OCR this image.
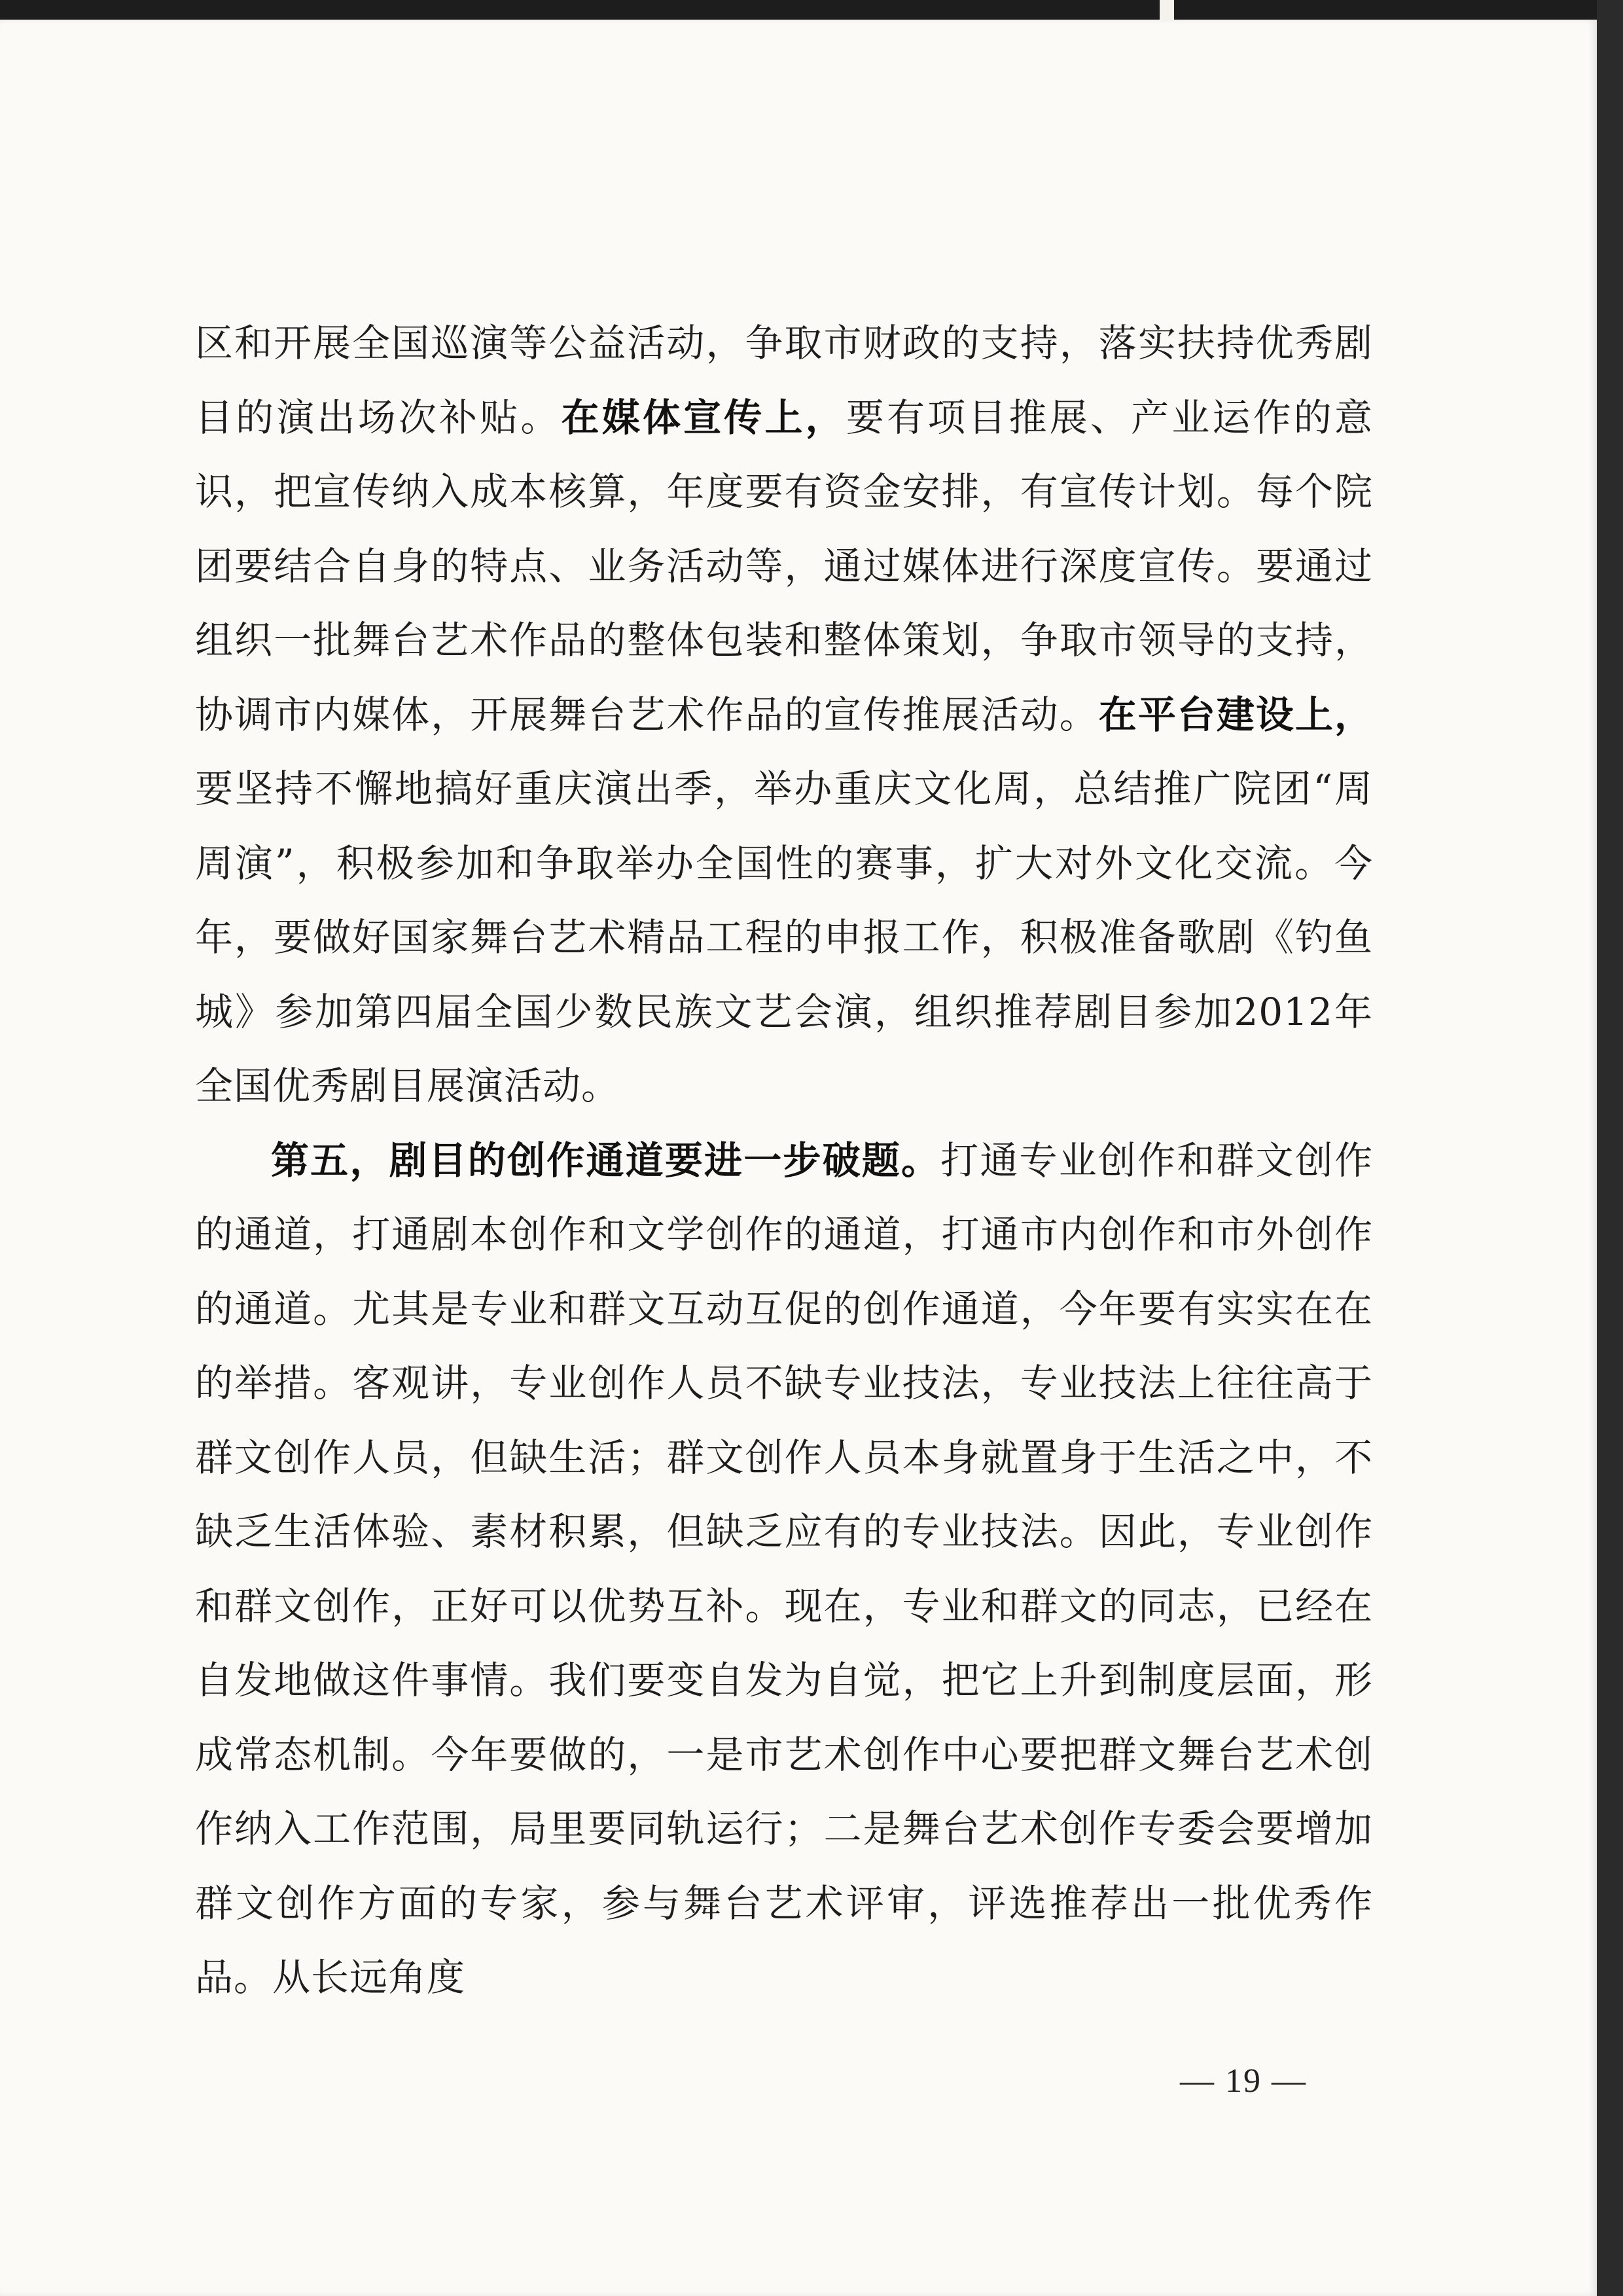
区和开展全国巡演等公益活动，争取市财政的支持，落实扶持优秀剧目的演出场次补贴。在媒体宣传上，要有项目推展、产业运作的意识，把宣传纳入成本核算，年度要有资金安排，有宣传计划。每个院团要结合自身的特点、业务活动等，通过媒体进行深度宣传。要通过组织一批舞台艺术作品的整体包装和整体策划，争取市领导的支持，协调市内媒体，开展舞台艺术作品的宣传推展活动。在平台建设上，要坚持不懈地搞好重庆演出季，举办重庆文化周，总结推广院团“周周演”，积极参加和争取举办全国性的赛事，扩大对外文化交流。今年，要做好国家舞台艺术精品工程的申报工作，积极准备歌剧《钓鱼城》参加第四届全国少数民族文艺会演，组织推荐剧目参加2012年全国优秀剧目展演活动。

第五，剧目的创作通道要进一步破题。打通专业创作和群文创作的通道，打通剧本创作和文学创作的通道，打通市内创作和市外创作的通道。尤其是专业和群文互动互促的创作通道，今年要有实实在在的举措。客观讲，专业创作人员不缺专业技法，专业技法上往往高于群文创作人员，但缺生活；群文创作人员本身就置身于生活之中，不缺乏生活体验、素材积累，但缺乏应有的专业技法。因此，专业创作和群文创作，正好可以优势互补。现在，专业和群文的同志，已经在自发地做这件事情。我们要变自发为自觉，把它上升到制度层面，形成常态机制。今年要做的，一是市艺术创作中心要把群文舞台艺术创作纳入工作范围，局里要同轨运行；二是舞台艺术创作专委会要增加群文创作方面的专家，参与舞台艺术评审，评选推荐出一批优秀作品。从长远角度

— 19 —
